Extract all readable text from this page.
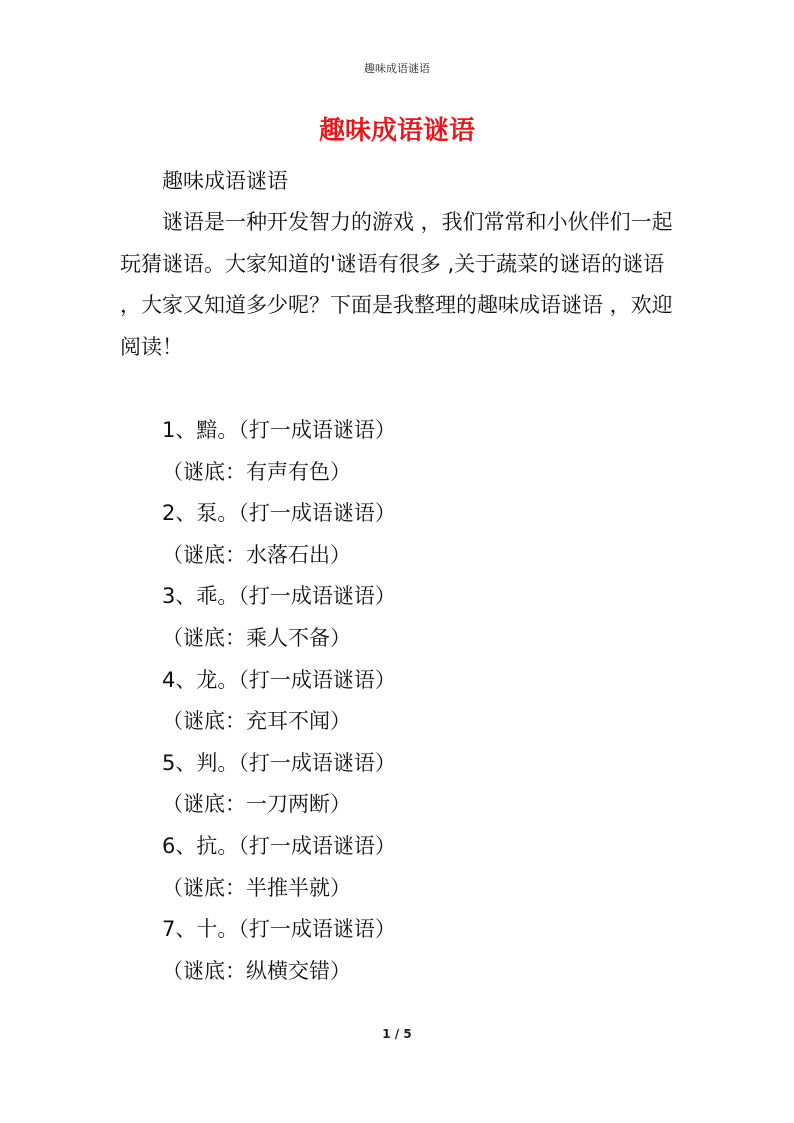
趣味成语谜语
趣味成语谜语
趣味成语谜语

谜语是一种开发智力的游戏 ，我们常常和小伙伴们一起玩猜谜语。大家知道的'谜语有很多 ,关于蔬菜的谜语的谜语 ，大家又知道多少呢？下面是我整理的趣味成语谜语 ，欢迎阅读！

1、黯。（打一成语谜语）
（谜底：有声有色）
2、泵。（打一成语谜语）
（谜底：水落石出）
3、乖。（打一成语谜语）
（谜底：乘人不备）
4、龙。（打一成语谜语）
（谜底：充耳不闻）
5、判。（打一成语谜语）
（谜底：一刀两断）
6、抗。（打一成语谜语）
（谜底：半推半就）
7、十。（打一成语谜语）
（谜底：纵横交错）
1 / 5
